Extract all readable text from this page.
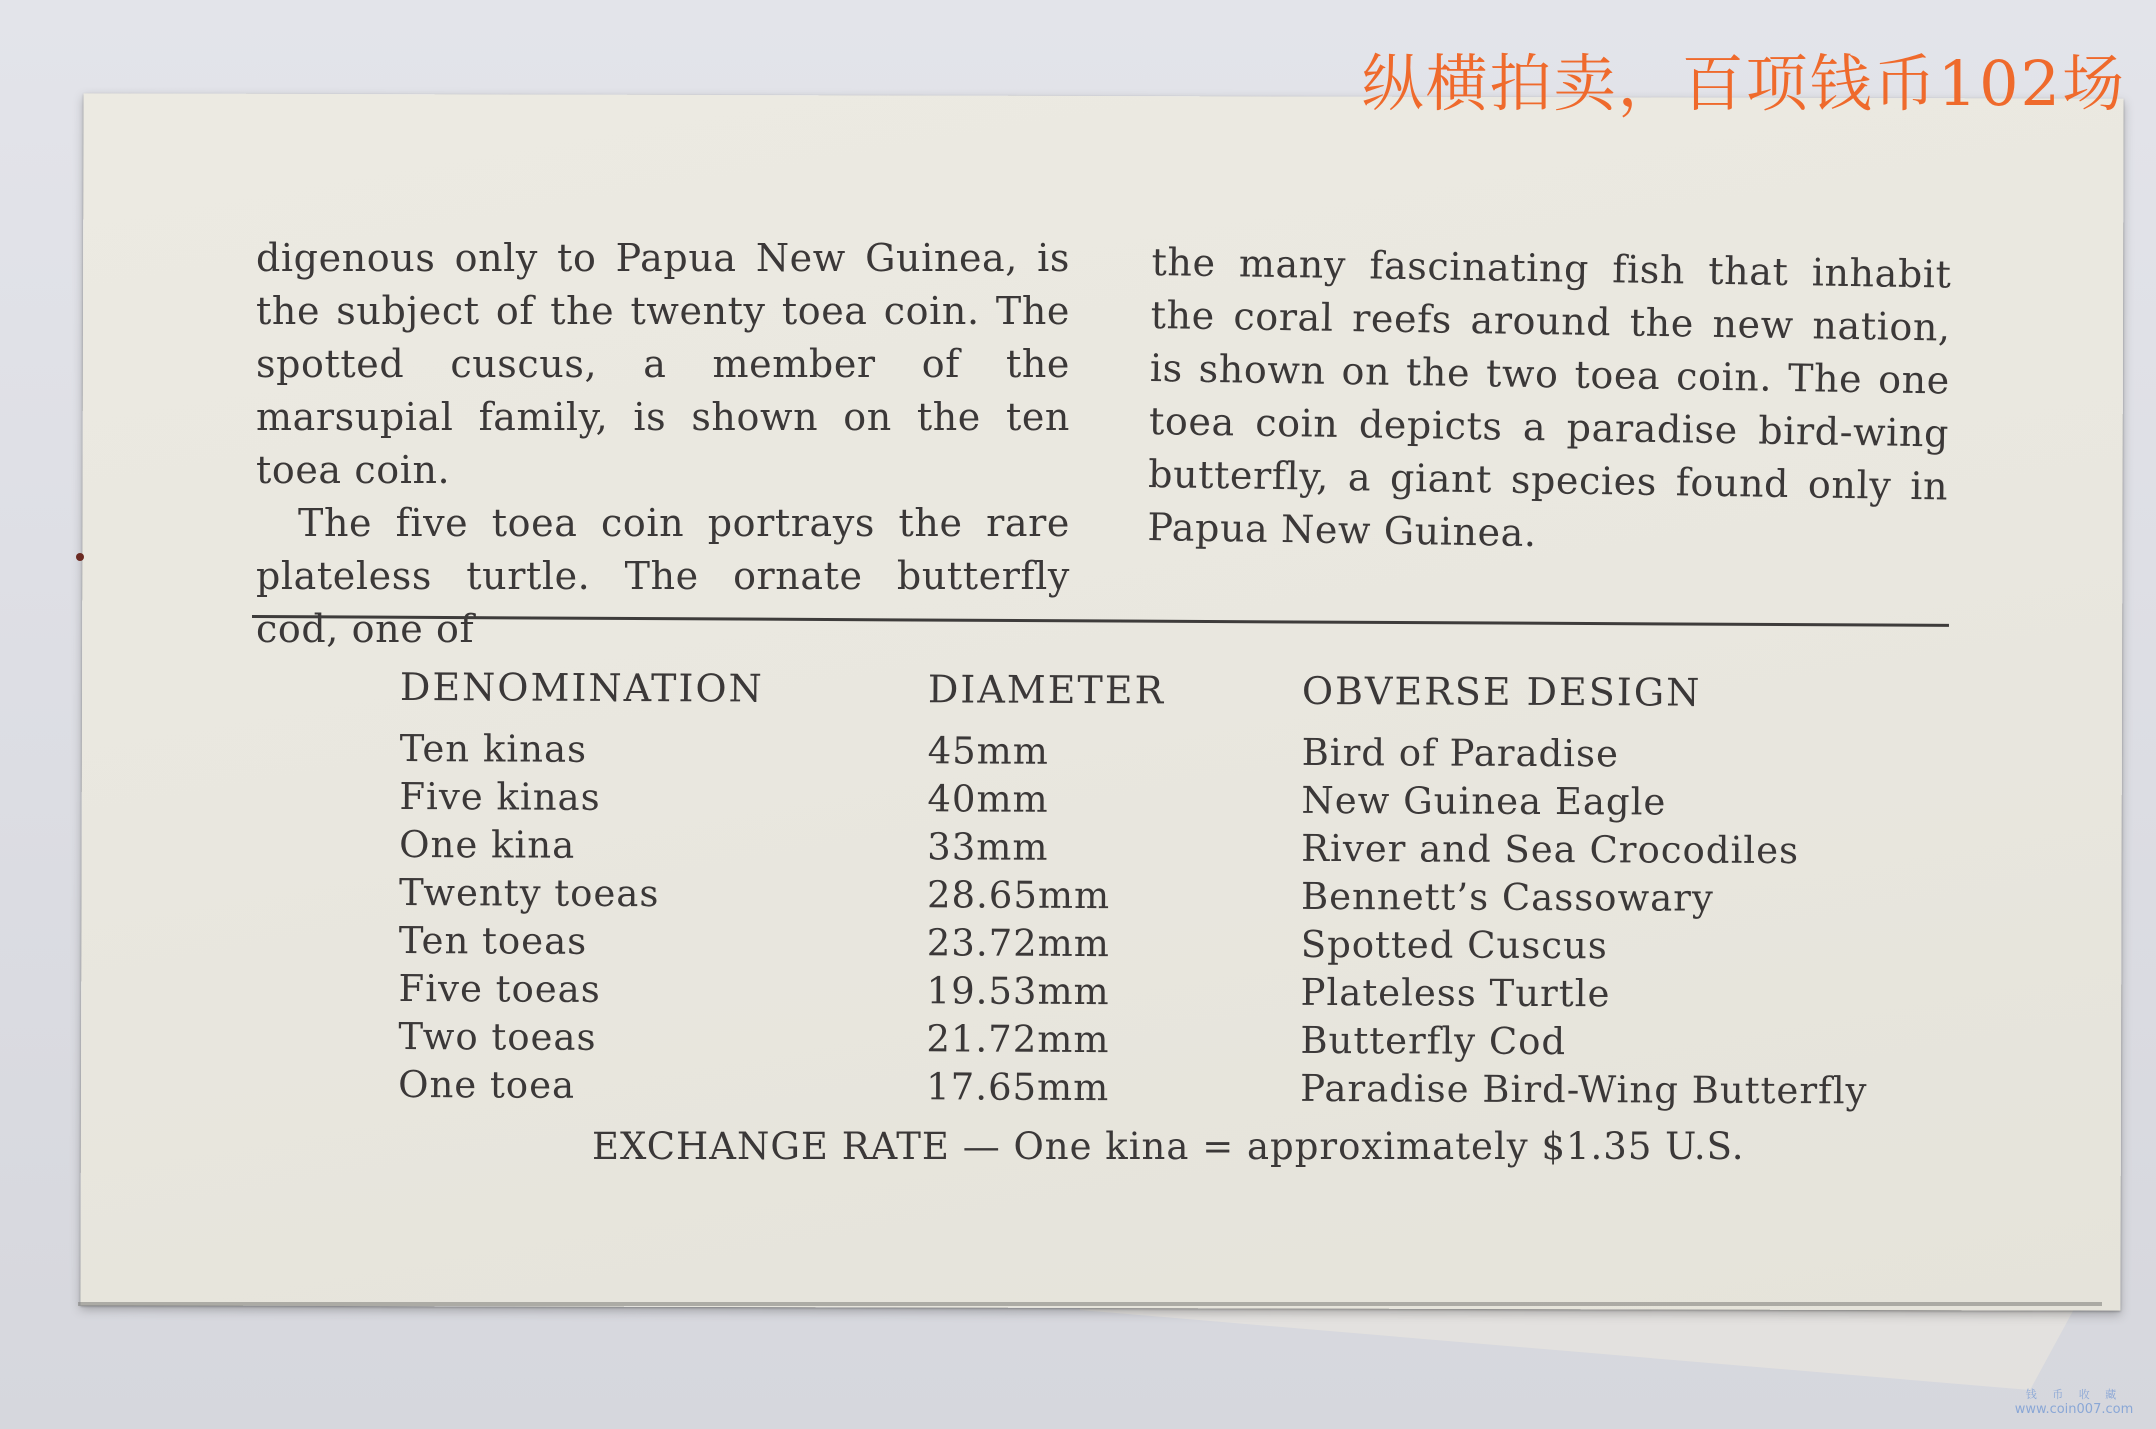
纵横拍卖，百项钱币102场

digenous only to Papua New Guinea, is the subject of the twenty toea coin. The spotted cuscus, a member of the marsupial family, is shown on the ten toea coin.

The five toea coin portrays the rare plateless turtle. The ornate butterfly cod, one of

the many fascinating fish that inhabit the coral reefs around the new nation, is shown on the two toea coin. The one toea coin depicts a paradise bird-wing butterfly, a giant species found only in Papua New Guinea.

DENOMINATION	DIAMETER	OBVERSE DESIGN
Ten kinas	45mm	Bird of Paradise
Five kinas	40mm	New Guinea Eagle
One kina	33mm	River and Sea Crocodiles
Twenty toeas	28.65mm	Bennett’s Cassowary
Ten toeas	23.72mm	Spotted Cuscus
Five toeas	19.53mm	Plateless Turtle
Two toeas	21.72mm	Butterfly Cod
One toea	17.65mm	Paradise Bird-Wing Butterfly
EXCHANGE RATE — One kina = approximately $1.35 U.S.
钱 币 收 藏
www.coin007.com
